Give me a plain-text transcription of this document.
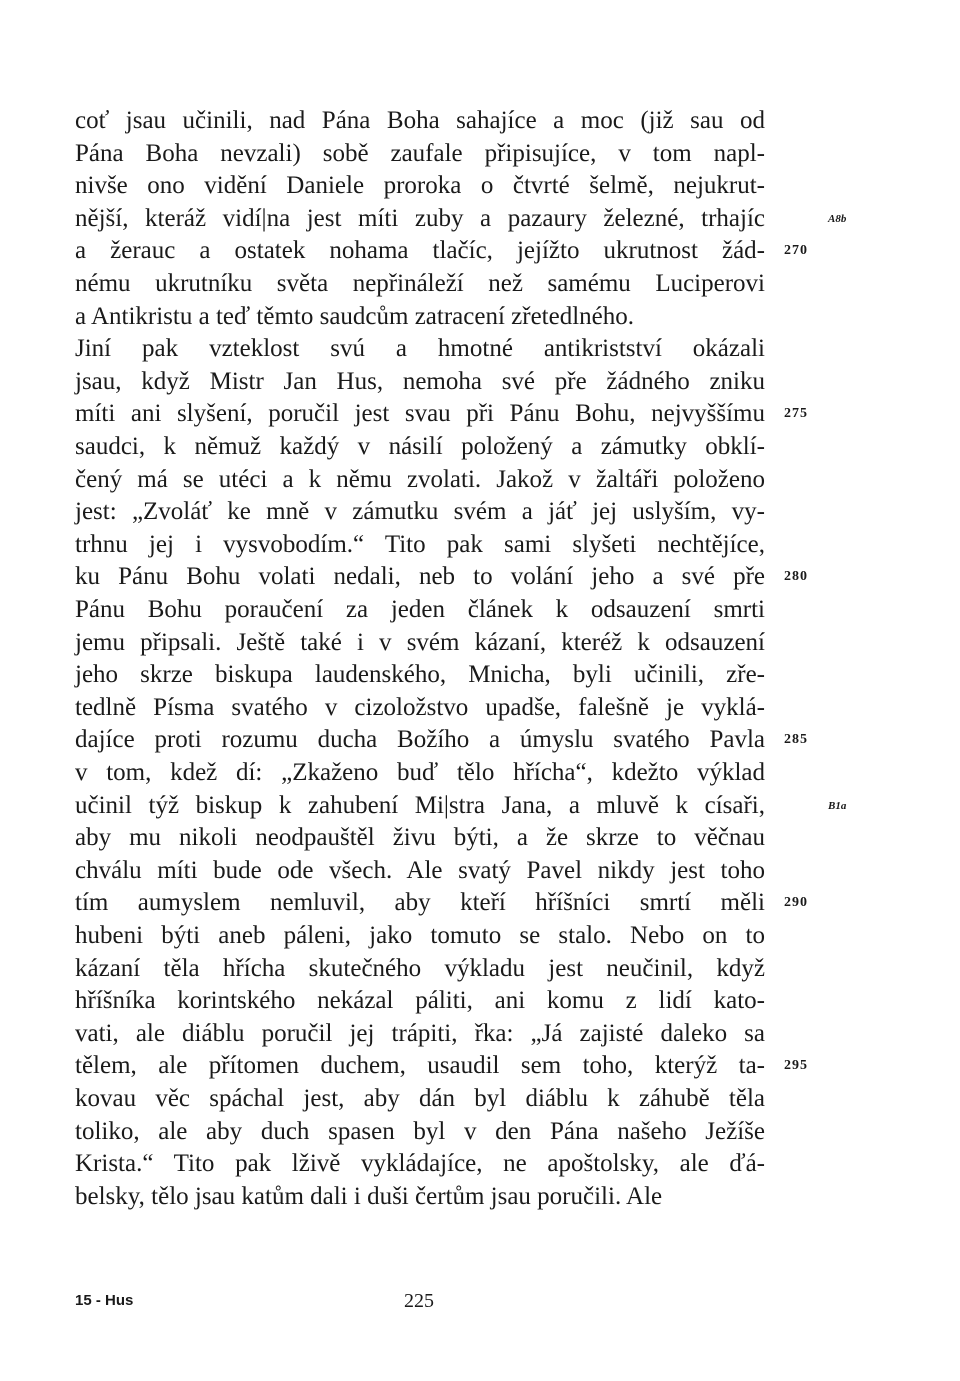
coť jsau učinili, nad Pána Boha sahajíce a moc (již sau od
Pána Boha nevzali) sobě zaufale připisujíce, v tom napl-
nivše ono vidění Daniele proroka o čtvrté šelmě, nejukrut-
nější, kteráž vidí|na jest míti zuby a pazaury železné, trhajíc
a žerauc a ostatek nohama tlačíc, jejížto ukrutnost žád-
nému ukrutníku světa nepřináleží než samému Luciperovi
a Antikristu a teď těmto saudcům zatracení zřetedlného.
Jiní pak vzteklost svú a hmotné antikristství okázali
jsau, když Mistr Jan Hus, nemoha své pře žádného zniku
míti ani slyšení, poručil jest svau při Pánu Bohu, nejvyššímu
saudci, k němuž každý v násilí položený a zámutky obklí-
čený má se utéci a k němu zvolati. Jakož v žaltáři položeno
jest: „Zvoláť ke mně v zámutku svém a jáť jej uslyším, vy-
trhnu jej i vysvobodím.“ Tito pak sami slyšeti nechtějíce,
ku Pánu Bohu volati nedali, neb to volání jeho a své pře
Pánu Bohu poraučení za jeden článek k odsauzení smrti
jemu připsali. Ještě také i v svém kázaní, kteréž k odsauzení
jeho skrze biskupa laudenského, Mnicha, byli učinili, zře-
tedlně Písma svatého v cizoložstvo upadše, falešně je vyklá-
dajíce proti rozumu ducha Božího a úmyslu svatého Pavla
v tom, kdež dí: „Zkaženo buď tělo hřícha“, kdežto výklad
učinil týž biskup k zahubení Mi|stra Jana, a mluvě k císaři,
aby mu nikoli neodpauštěl živu býti, a že skrze to věčnau
chválu míti bude ode všech. Ale svatý Pavel nikdy jest toho
tím aumyslem nemluvil, aby kteří hříšníci smrtí měli
hubeni býti aneb páleni, jako tomuto se stalo. Nebo on to
kázaní těla hřícha skutečného výkladu jest neučinil, když
hříšníka korintského nekázal páliti, ani komu z lidí kato-
vati, ale diáblu poručil jej trápiti, řka: „Já zajisté daleko sa
tělem, ale přítomen duchem, usaudil sem toho, kterýž ta-
kovau věc spáchal jest, aby dán byl diáblu k záhubě těla
toliko, ale aby duch spasen byl v den Pána našeho Ježíše
Krista.“ Tito pak lživě vykládajíce, ne apoštolsky, ale ďá-
belsky, tělo jsau katům dali i duši čertům jsau poručili. Ale
270
275
280
285
290
295
A8b
B1a
15 - Hus	225
